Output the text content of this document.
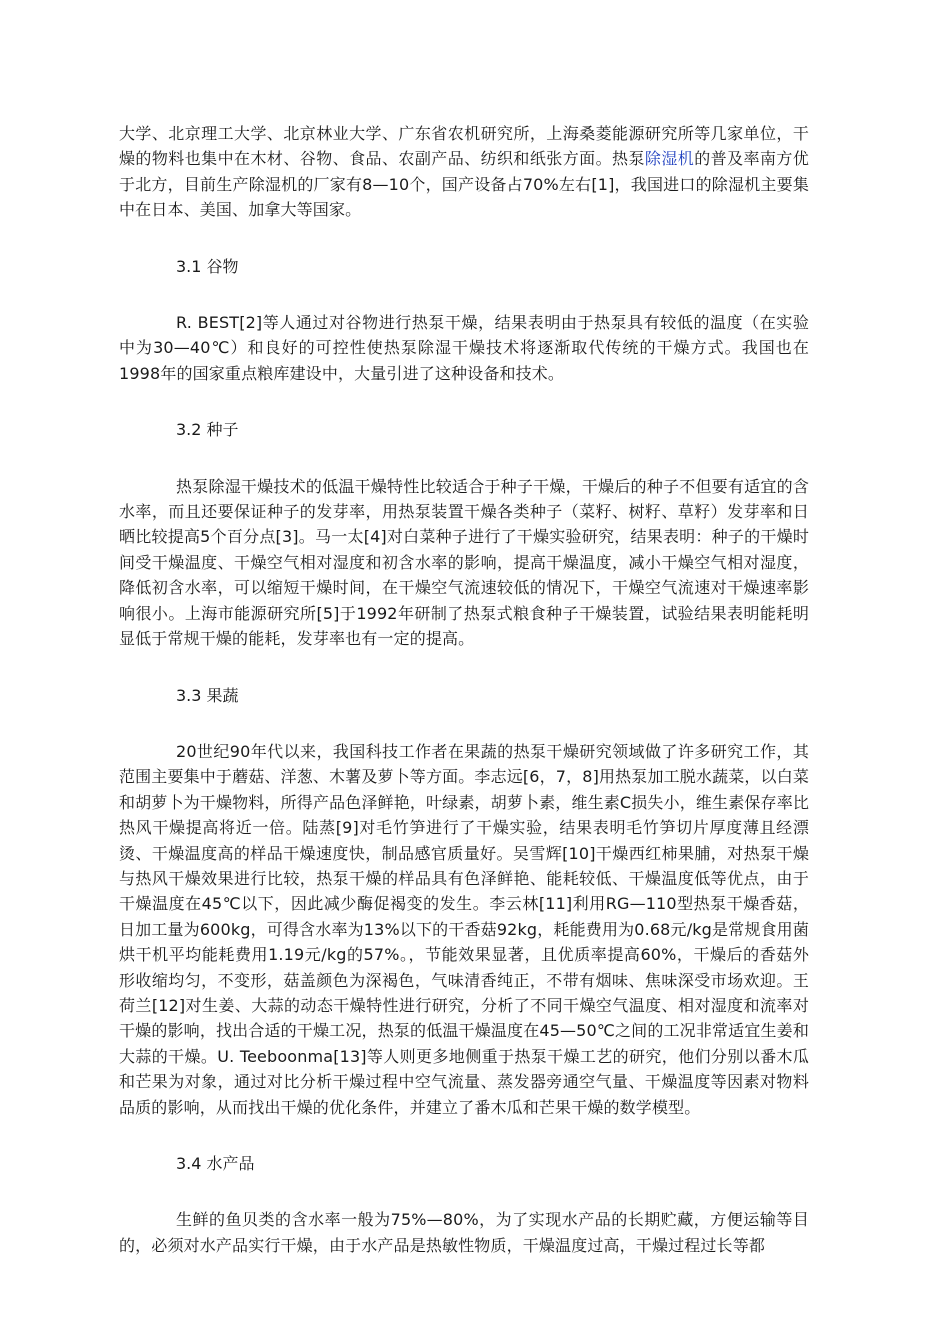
大学、北京理工大学、北京林业大学、广东省农机研究所，上海桑菱能源研究所等几家单位，干燥的物料也集中在木材、谷物、食品、农副产品、纺织和纸张方面。热泵除湿机的普及率南方优于北方，目前生产除湿机的厂家有8—10个，国产设备占70%左右[1]，我国进口的除湿机主要集中在日本、美国、加拿大等国家。

3.1 谷物

R. BEST[2]等人通过对谷物进行热泵干燥，结果表明由于热泵具有较低的温度（在实验中为30—40℃）和良好的可控性使热泵除湿干燥技术将逐渐取代传统的干燥方式。我国也在1998年的国家重点粮库建设中，大量引进了这种设备和技术。

3.2 种子

热泵除湿干燥技术的低温干燥特性比较适合于种子干燥，干燥后的种子不但要有适宜的含水率，而且还要保证种子的发芽率，用热泵装置干燥各类种子（菜籽、树籽、草籽）发芽率和日晒比较提高5个百分点[3]。马一太[4]对白菜种子进行了干燥实验研究，结果表明：种子的干燥时间受干燥温度、干燥空气相对湿度和初含水率的影响，提高干燥温度，减小干燥空气相对湿度，降低初含水率，可以缩短干燥时间，在干燥空气流速较低的情况下，干燥空气流速对干燥速率影响很小。上海市能源研究所[5]于1992年研制了热泵式粮食种子干燥装置，试验结果表明能耗明显低于常规干燥的能耗，发芽率也有一定的提高。

3.3 果蔬

20世纪90年代以来，我国科技工作者在果蔬的热泵干燥研究领域做了许多研究工作，其范围主要集中于蘑菇、洋葱、木薯及萝卜等方面。李志远[6，7，8]用热泵加工脱水蔬菜，以白菜和胡萝卜为干燥物料，所得产品色泽鲜艳，叶绿素，胡萝卜素，维生素C损失小，维生素保存率比热风干燥提高将近一倍。陆蒸[9]对毛竹笋进行了干燥实验，结果表明毛竹笋切片厚度薄且经漂烫、干燥温度高的样品干燥速度快，制品感官质量好。吴雪辉[10]干燥西红柿果脯，对热泵干燥与热风干燥效果进行比较，热泵干燥的样品具有色泽鲜艳、能耗较低、干燥温度低等优点，由于干燥温度在45℃以下，因此减少酶促褐变的发生。李云林[11]利用RG—110型热泵干燥香菇，日加工量为600kg，可得含水率为13%以下的干香菇92kg，耗能费用为0.68元/kg是常规食用菌烘干机平均能耗费用1.19元/kg的57%。，节能效果显著，且优质率提高60%，干燥后的香菇外形收缩均匀，不变形，菇盖颜色为深褐色，气味清香纯正，不带有烟味、焦味深受市场欢迎。王荷兰[12]对生姜、大蒜的动态干燥特性进行研究，分析了不同干燥空气温度、相对湿度和流率对干燥的影响，找出合适的干燥工况，热泵的低温干燥温度在45—50℃之间的工况非常适宜生姜和大蒜的干燥。U. Teeboonma[13]等人则更多地侧重于热泵干燥工艺的研究，他们分别以番木瓜和芒果为对象，通过对比分析干燥过程中空气流量、蒸发器旁通空气量、干燥温度等因素对物料品质的影响，从而找出干燥的优化条件，并建立了番木瓜和芒果干燥的数学模型。

3.4 水产品

生鲜的鱼贝类的含水率一般为75%—80%，为了实现水产品的长期贮藏，方便运输等目的，必须对水产品实行干燥，由于水产品是热敏性物质，干燥温度过高，干燥过程过长等都
